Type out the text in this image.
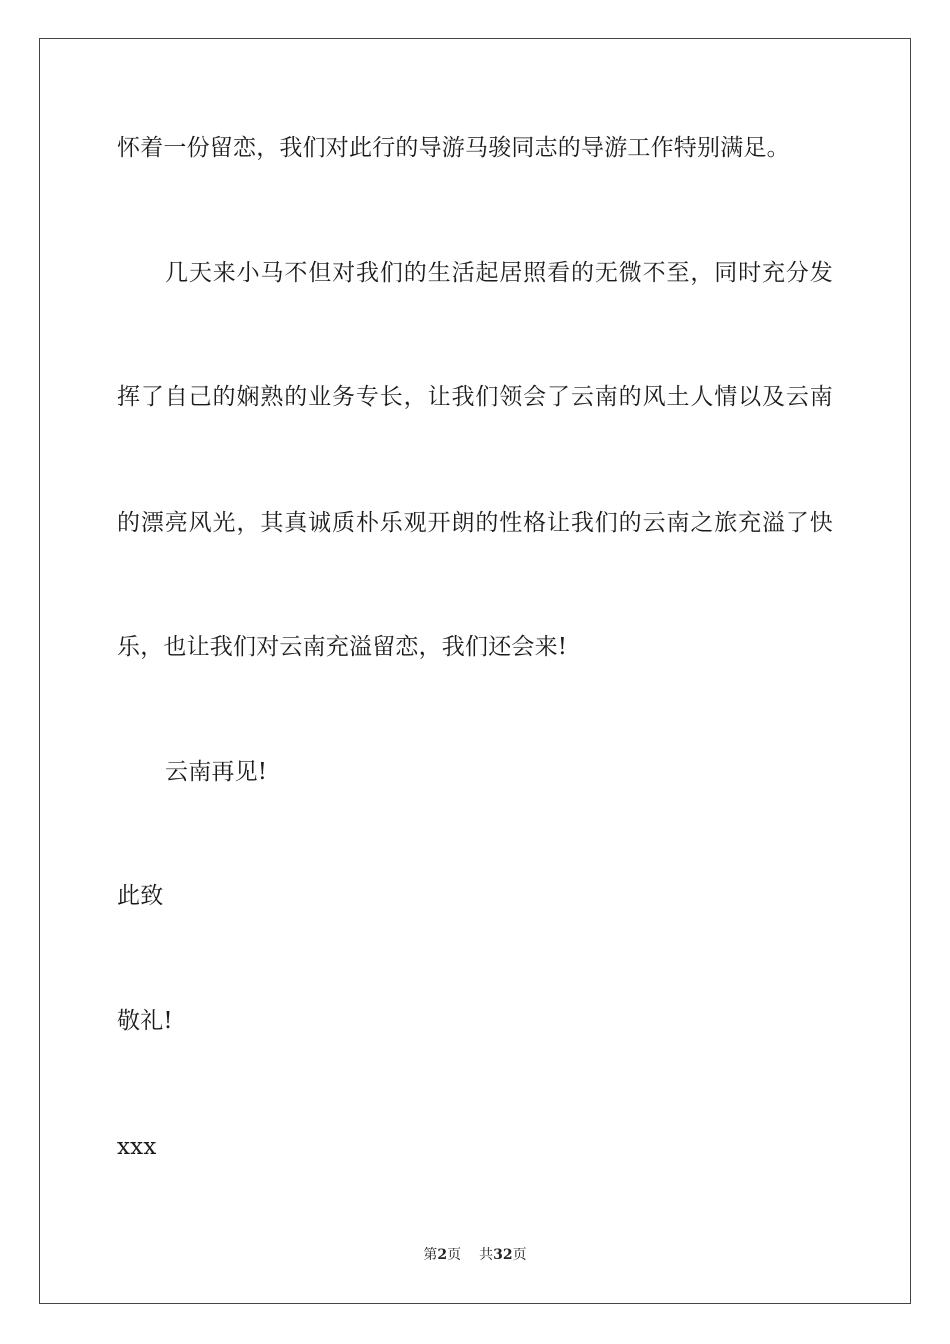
怀着一份留恋，我们对此行的导游马骏同志的导游工作特别满足。
几天来小马不但对我们的生活起居照看的无微不至，同时充分发
挥了自己的娴熟的业务专长，让我们领会了云南的风土人情以及云南
的漂亮风光，其真诚质朴乐观开朗的性格让我们的云南之旅充溢了快
乐，也让我们对云南充溢留恋，我们还会来!
云南再见!
此致
敬礼!
xxx
第2页 共32页
